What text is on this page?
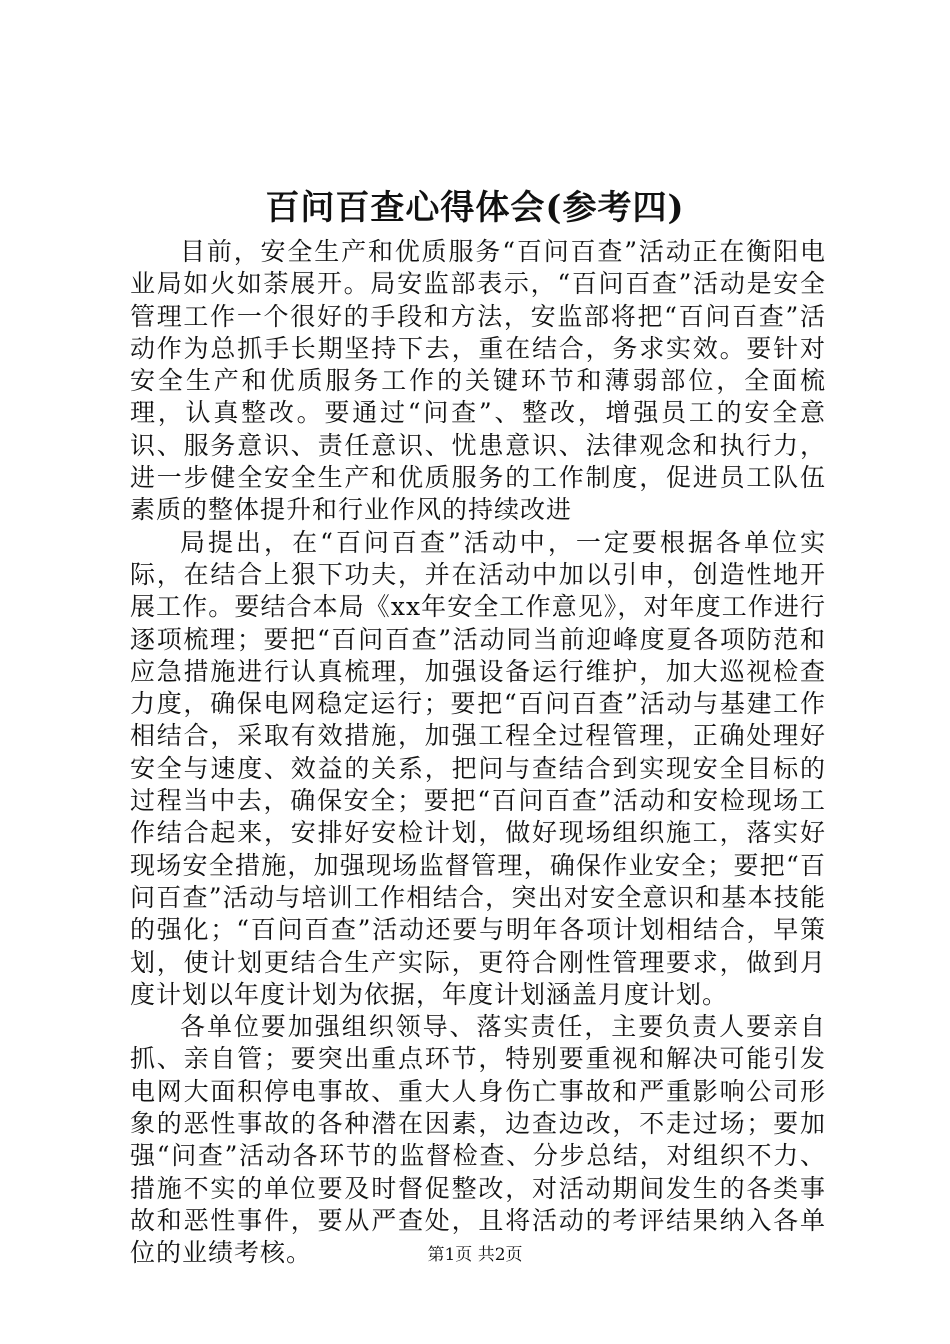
百问百查心得体会(参考四)

目前，安全生产和优质服务“百问百查”活动正在衡阳电业局如火如荼展开。局安监部表示，“百问百查”活动是安全管理工作一个很好的手段和方法，安监部将把“百问百查”活动作为总抓手长期坚持下去，重在结合，务求实效。要针对安全生产和优质服务工作的关键环节和薄弱部位，全面梳理，认真整改。要通过“问查”、整改，增强员工的安全意识、服务意识、责任意识、忧患意识、法律观念和执行力，进一步健全安全生产和优质服务的工作制度，促进员工队伍素质的整体提升和行业作风的持续改进

局提出，在“百问百查”活动中，一定要根据各单位实际，在结合上狠下功夫，并在活动中加以引申，创造性地开展工作。要结合本局《xx年安全工作意见》，对年度工作进行逐项梳理；要把“百问百查”活动同当前迎峰度夏各项防范和应急措施进行认真梳理，加强设备运行维护，加大巡视检查力度，确保电网稳定运行；要把“百问百查”活动与基建工作相结合，采取有效措施，加强工程全过程管理，正确处理好安全与速度、效益的关系，把问与查结合到实现安全目标的过程当中去，确保安全；要把“百问百查”活动和安检现场工作结合起来，安排好安检计划，做好现场组织施工，落实好现场安全措施，加强现场监督管理，确保作业安全；要把“百问百查”活动与培训工作相结合，突出对安全意识和基本技能的强化；“百问百查”活动还要与明年各项计划相结合，早策划，使计划更结合生产实际，更符合刚性管理要求，做到月度计划以年度计划为依据，年度计划涵盖月度计划。

各单位要加强组织领导、落实责任，主要负责人要亲自抓、亲自管；要突出重点环节，特别要重视和解决可能引发电网大面积停电事故、重大人身伤亡事故和严重影响公司形象的恶性事故的各种潜在因素，边查边改，不走过场；要加强“问查”活动各环节的监督检查、分步总结，对组织不力、措施不实的单位要及时督促整改，对活动期间发生的各类事故和恶性事件，要从严查处，且将活动的考评结果纳入各单位的业绩考核。	第1页 共2页
